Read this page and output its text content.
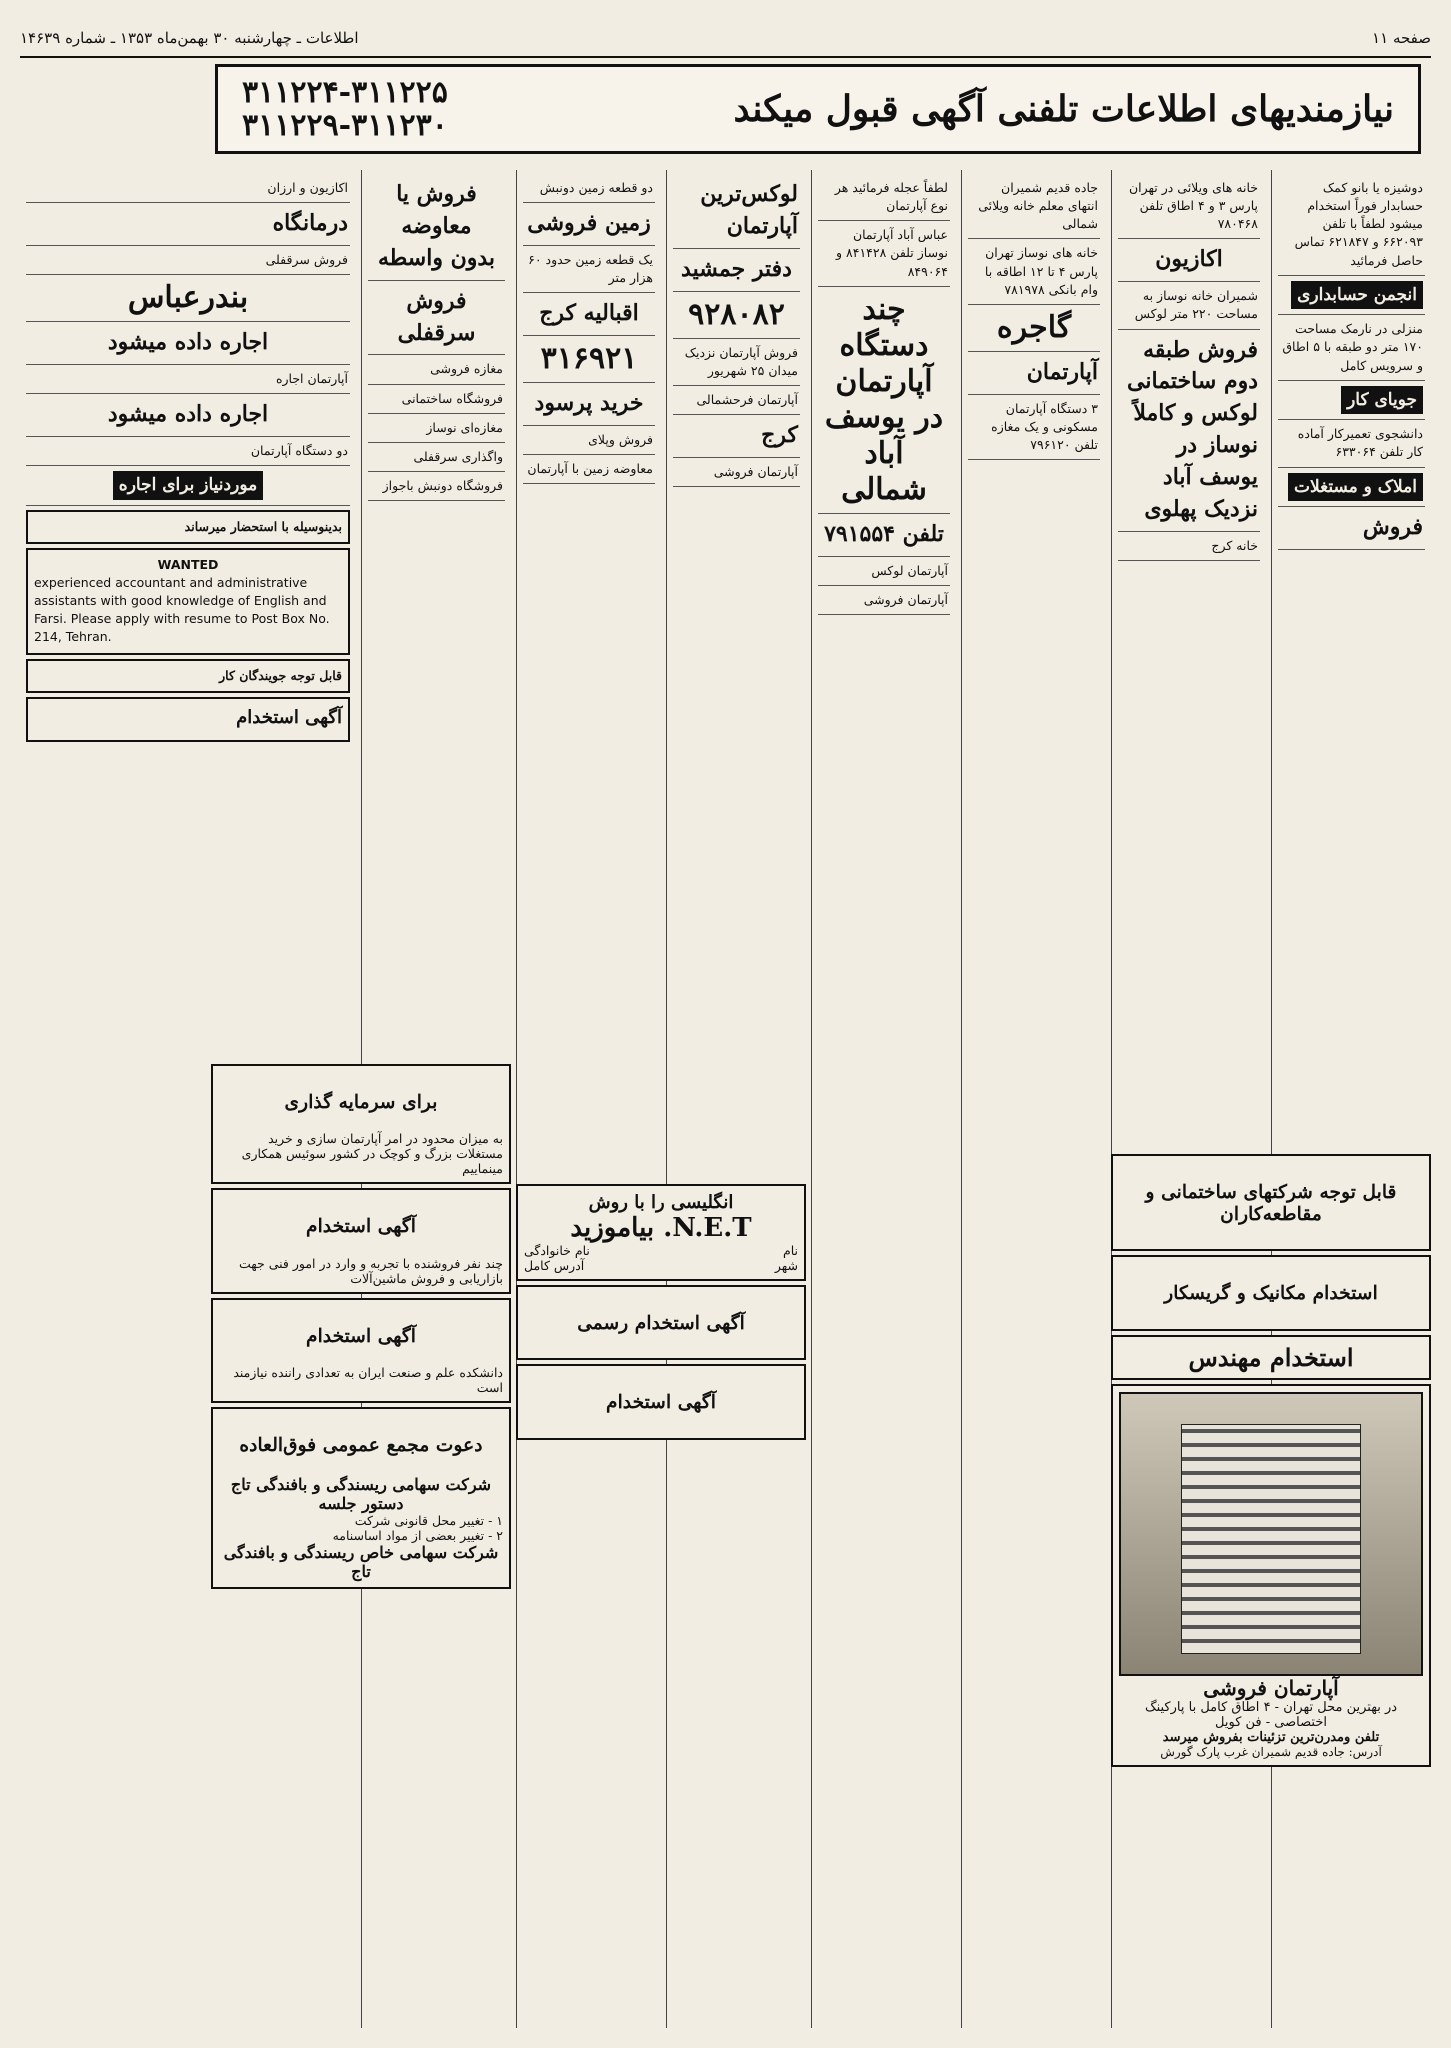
صفحه ۱۱
اطلاعات ـ چهارشنبه ۳۰ بهمن‌ماه ۱۳۵۳ ـ شماره ۱۴۶۳۹
نیازمندیهای اطلاعات تلفنی آگهی قبول میکند
۳۱۱۲۲۴-۳۱۱۲۲۵
۳۱۱۲۲۹-۳۱۱۲۳۰
دوشیزه یا بانو کمک حسابدار فوراً استخدام میشود لطفاً با تلفن ۶۶۲۰۹۳ و ۶۲۱۸۴۷ تماس حاصل فرمائید
انجمن حسابداری
منزلی در نارمک مساحت ۱۷۰ متر دو طبقه با ۵ اطاق و سرویس کامل
جویای کار
دانشجوی تعمیرکار آماده کار تلفن ۶۳۳۰۶۴
املاک و مستغلات
فروش
خانه های ویلائی در تهران پارس ۳ و ۴ اطاق تلفن ۷۸۰۴۶۸
اکازیون
شمیران خانه نوساز به مساحت ۲۲۰ متر لوکس
فروش طبقه دوم ساختمانی لوکس و کاملاً نوساز در یوسف آباد نزدیک پهلوی
خانه کرج
جاده قدیم شمیران انتهای معلم خانه ویلائی شمالی
خانه های نوساز تهران پارس ۴ تا ۱۲ اطاقه با وام بانکی ۷۸۱۹۷۸
گاجره
آپارتمان
۳ دستگاه آپارتمان مسکونی و یک مغازه تلفن ۷۹۶۱۲۰
لطفاً عجله فرمائید هر نوع آپارتمان
عباس آباد آپارتمان نوساز تلفن ۸۴۱۴۲۸ و ۸۴۹۰۶۴
چند دستگاه آپارتمان در یوسف آباد شمالی
تلفن ۷۹۱۵۵۴
آپارتمان لوکس
آپارتمان فروشی
لوکس‌ترین آپارتمان
دفتر جمشید
۹۲۸۰۸۲
فروش آپارتمان نزدیک میدان ۲۵ شهریور
آپارتمان فرحشمالی
کرج
آپارتمان فروشی
دو قطعه زمین دونبش
زمین فروشی
یک قطعه زمین حدود ۶۰ هزار متر
اقبالیه کرج
۳۱۶۹۲۱
خرید پرسود
فروش وپلای
معاوضه زمین با آپارتمان
فروش یا معاوضه
بدون واسطه
فروش سرقفلی
مغازه فروشی
فروشگاه ساختمانی
مغازه‌ای نوساز
واگذاری سرقفلی
فروشگاه دونبش باجواز
اکازیون و ارزان
درمانگاه
فروش سرقفلی
بندرعباس
اجاره داده میشود
آپارتمان اجاره
اجاره داده میشود
دو دستگاه آپارتمان
موردنیاز برای اجاره
بدینوسیله با استحضار میرساند
WANTED
experienced accountant and administrative assistants with good knowledge of English and Farsi. Please apply with resume to Post Box No. 214, Tehran.
قابل توجه جویندگان کار
آگهی استخدام
برای سرمایه گذاری
به میزان محدود در امر آپارتمان سازی و خرید مستغلات بزرگ و کوچک در کشور سوئیس همکاری مینماییم
آگهی استخدام
چند نفر فروشنده با تجربه و وارد در امور فنی جهت بازاریابی و فروش ماشین‌آلات
آگهی استخدام
دانشکده علم و صنعت ایران به تعدادی راننده نیازمند است
دعوت مجمع عمومی فوق‌العاده
شرکت سهامی ریسندگی و بافندگی تاج
دستور جلسه
۱ - تغییر محل قانونی شرکت
۲ - تغییر بعضی از مواد اساسنامه
شرکت سهامی خاص ریسندگی و بافندگی تاج
انگلیسی را با روش
N.E.T. بیاموزید
نام
نام خانوادگی
شهر
آدرس کامل
آگهی استخدام رسمی
آگهی استخدام
قابل توجه شرکتهای ساختمانی و مقاطعه‌کاران
استخدام مکانیک و گریسکار
استخدام مهندس
آپارتمان فروشی
در بهترین محل تهران - ۴ اطاق کامل با پارکینگ اختصاصی - فن کویل
تلفن ومدرن‌ترین تزئینات بفروش میرسد
آدرس: جاده قدیم شمیران غرب پارک گورش
